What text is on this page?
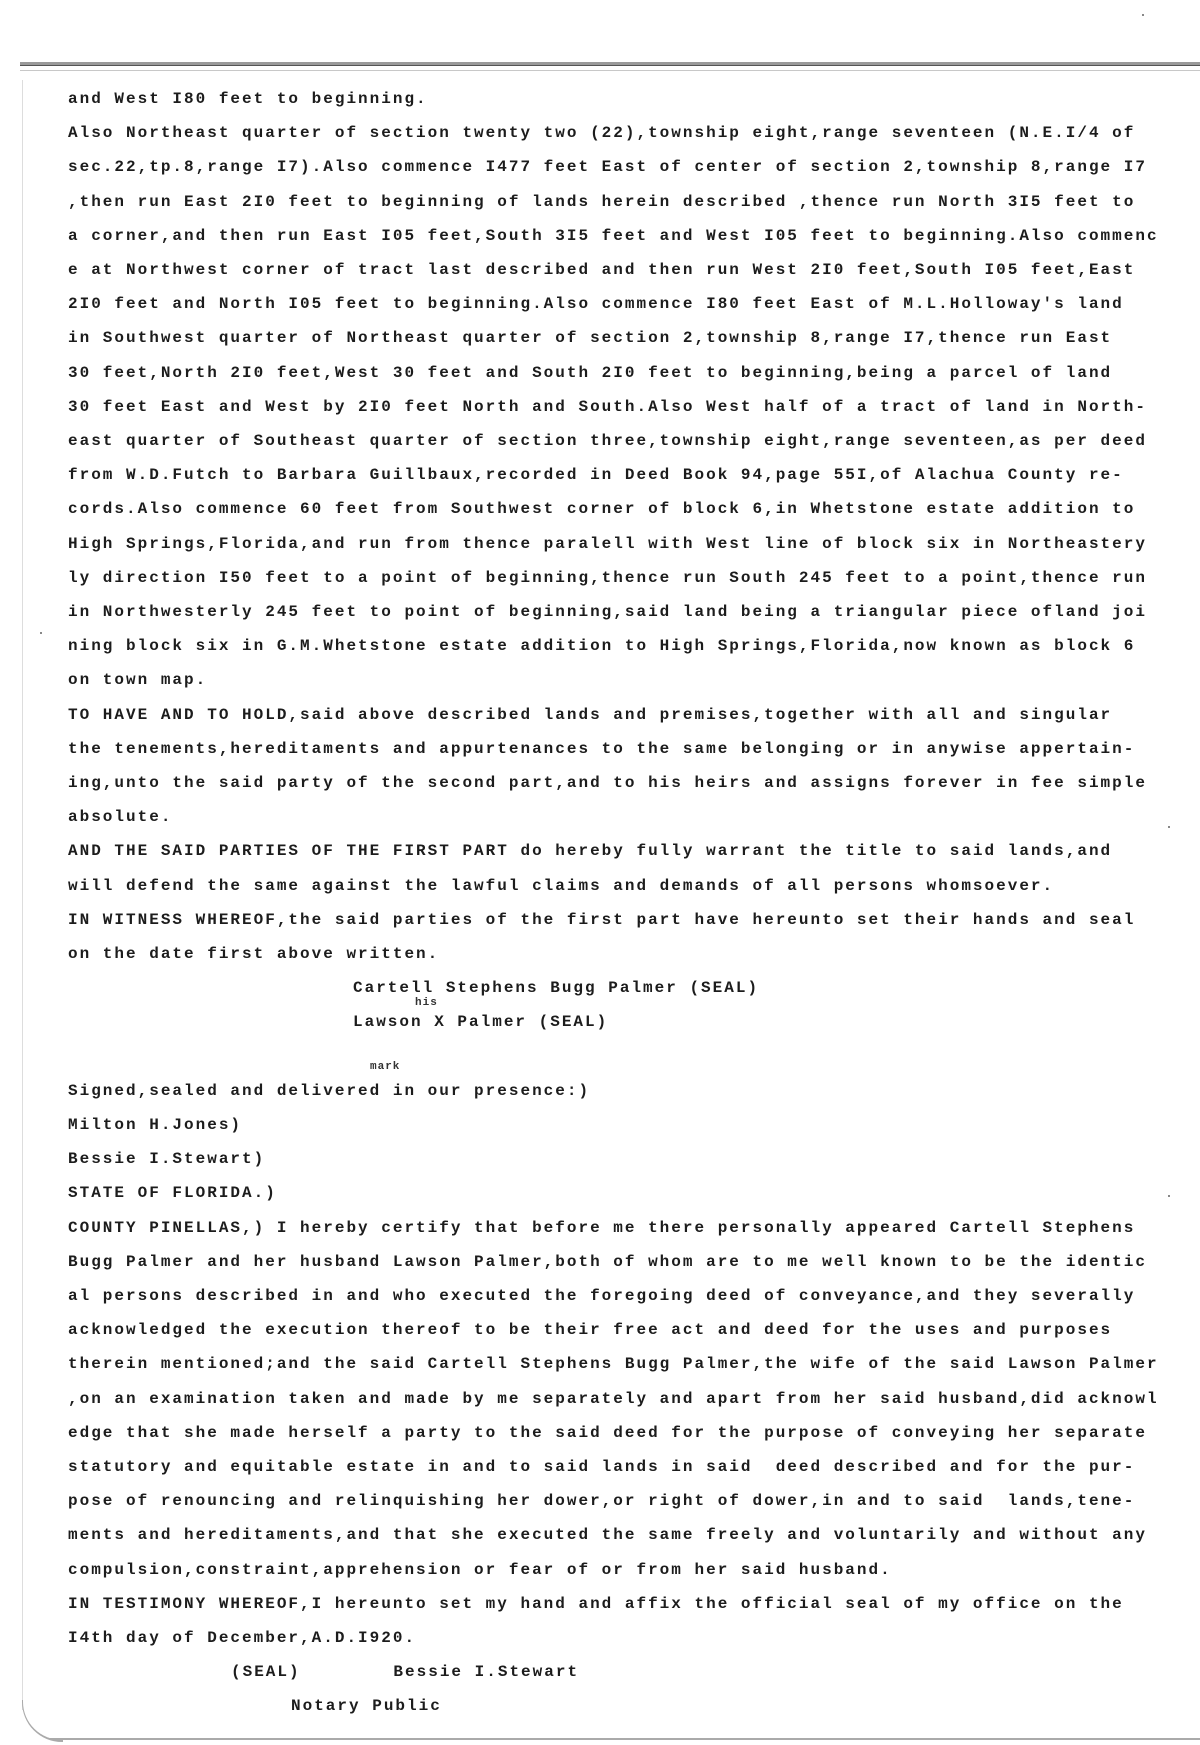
and West I80 feet to beginning.
Also Northeast quarter of section twenty two (22),township eight,range seventeen (N.E.I/4 of
sec.22,tp.8,range I7).Also commence I477 feet East of center of section 2,township 8,range I7
,then run East 2I0 feet to beginning of lands herein described ,thence run North 3I5 feet to
a corner,and then run East I05 feet,South 3I5 feet and West I05 feet to beginning.Also commenc
e at Northwest corner of tract last described and then run West 2I0 feet,South I05 feet,East
2I0 feet and North I05 feet to beginning.Also commence I80 feet East of M.L.Holloway's land
in Southwest quarter of Northeast quarter of section 2,township 8,range I7,thence run East
30 feet,North 2I0 feet,West 30 feet and South 2I0 feet to beginning,being a parcel of land
30 feet East and West by 2I0 feet North and South.Also West half of a tract of land in North-
east quarter of Southeast quarter of section three,township eight,range seventeen,as per deed
from W.D.Futch to Barbara Guillbaux,recorded in Deed Book 94,page 55I,of Alachua County re-
cords.Also commence 60 feet from Southwest corner of block 6,in Whetstone estate addition to
High Springs,Florida,and run from thence paralell with West line of block six in Northeastery
ly direction I50 feet to a point of beginning,thence run South 245 feet to a point,thence run
in Northwesterly 245 feet to point of beginning,said land being a triangular piece ofland joi
ning block six in G.M.Whetstone estate addition to High Springs,Florida,now known as block 6
on town map.
TO HAVE AND TO HOLD,said above described lands and premises,together with all and singular
the tenements,hereditaments and appurtenances to the same belonging or in anywise appertain-
ing,unto the said party of the second part,and to his heirs and assigns forever in fee simple
absolute.
AND THE SAID PARTIES OF THE FIRST PART do hereby fully warrant the title to said lands,and
will defend the same against the lawful claims and demands of all persons whomsoever.
IN WITNESS WHEREOF,the said parties of the first part have hereunto set their hands and seal
on the date first above written.
Cartell Stephens Bugg Palmer (SEAL)
Lawson X Palmer (SEAL)
Signed,sealed and delivered in our presence:)
Milton H.Jones)
Bessie I.Stewart)
STATE OF FLORIDA.)
COUNTY PINELLAS,) I hereby certify that before me there personally appeared Cartell Stephens
Bugg Palmer and her husband Lawson Palmer,both of whom are to me well known to be the identic
al persons described in and who executed the foregoing deed of conveyance,and they severally
acknowledged the execution thereof to be their free act and deed for the uses and purposes
therein mentioned;and the said Cartell Stephens Bugg Palmer,the wife of the said Lawson Palmer
,on an examination taken and made by me separately and apart from her said husband,did acknowl
edge that she made herself a party to the said deed for the purpose of conveying her separate
statutory and equitable estate in and to said lands in said  deed described and for the pur-
pose of renouncing and relinquishing her dower,or right of dower,in and to said  lands,tene-
ments and hereditaments,and that she executed the same freely and voluntarily and without any
compulsion,constraint,apprehension or fear of or from her said husband.
IN TESTIMONY WHEREOF,I hereunto set my hand and affix the official seal of my office on the
I4th day of December,A.D.I920.
(SEAL)        Bessie I.Stewart
Notary Public
his
mark
